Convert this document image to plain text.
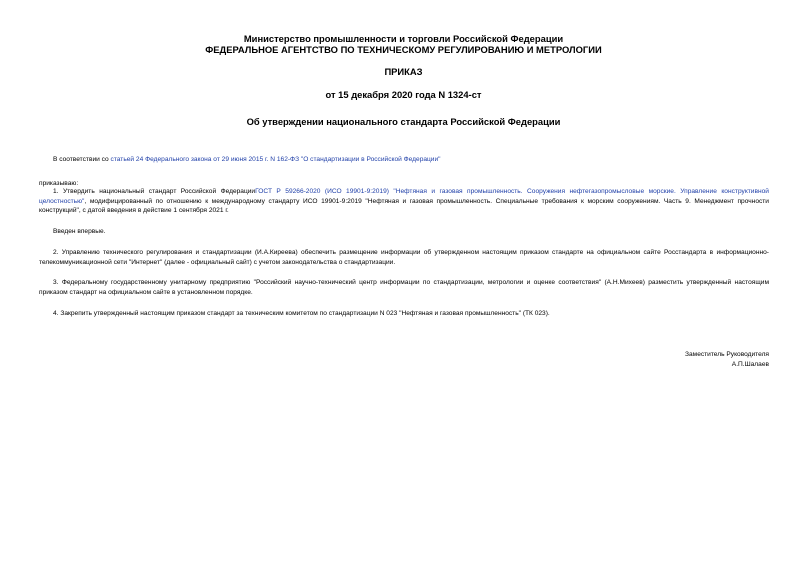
Министерство промышленности и торговли Российской Федерации
ФЕДЕРАЛЬНОЕ АГЕНТСТВО ПО ТЕХНИЧЕСКОМУ РЕГУЛИРОВАНИЮ И МЕТРОЛОГИИ
ПРИКАЗ
от 15 декабря 2020 года N 1324-ст
Об утверждении национального стандарта Российской Федерации

В соответствии со статьей 24 Федерального закона от 29 июня 2015 г. N 162-ФЗ "О стандартизации в Российской Федерации"

приказываю:

1. Утвердить национальный стандарт Российской ФедерацииГОСТ Р 59266-2020 (ИСО 19901-9:2019) "Нефтяная и газовая промышленность. Сооружения нефтегазопромысловые морские. Управление конструктивной целостностью", модифицированный по отношению к международному стандарту ИСО 19901-9:2019 "Нефтяная и газовая промышленность. Специальные требования к морским сооружениям. Часть 9. Менеджмент прочности конструкций", с датой введения в действие 1 сентября 2021 г.

Введен впервые.

2. Управлению технического регулирования и стандартизации (И.А.Киреева) обеспечить размещение информации об утвержденном настоящим приказом стандарте на официальном сайте Росстандарта в информационно-телекоммуникационной сети "Интернет" (далее - официальный сайт) с учетом законодательства о стандартизации.

3. Федеральному государственному унитарному предприятию "Российский научно-технический центр информации по стандартизации, метрологии и оценке соответствия" (А.Н.Михеев) разместить утвержденный настоящим приказом стандарт на официальном сайте в установленном порядке.

4. Закрепить утвержденный настоящим приказом стандарт за техническим комитетом по стандартизации N 023 "Нефтяная и газовая промышленность" (ТК 023).

Заместитель Руководителя
А.П.Шалаев
